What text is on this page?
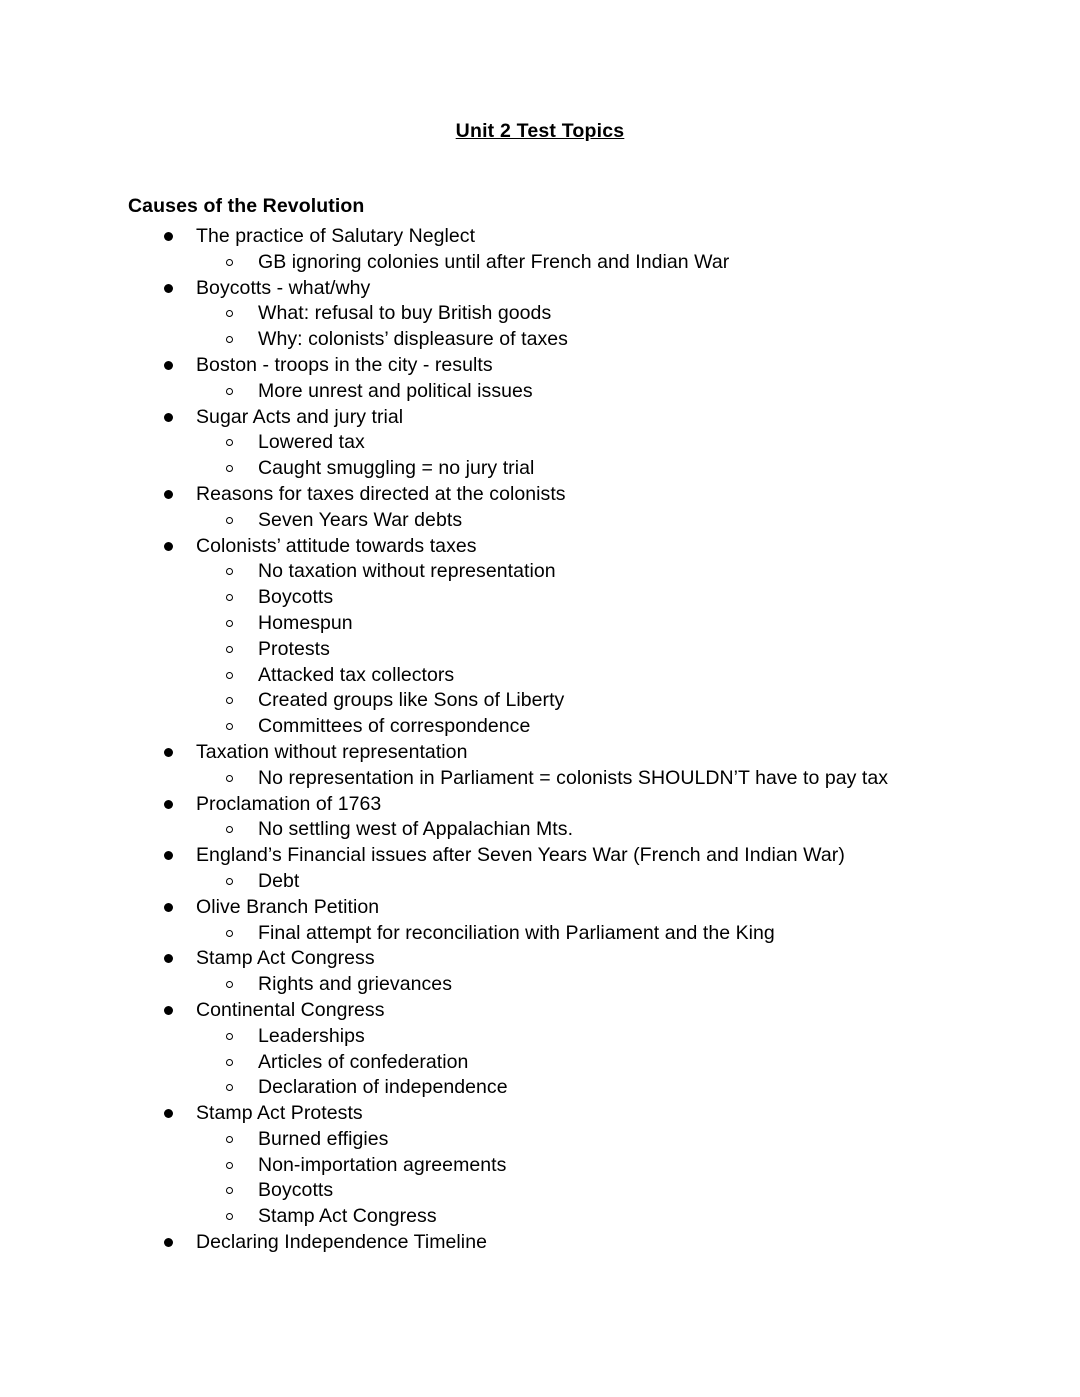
Unit 2 Test Topics
Causes of the Revolution
The practice of Salutary Neglect
GB ignoring colonies until after French and Indian War
Boycotts - what/why
What: refusal to buy British goods
Why: colonists’ displeasure of taxes
Boston - troops in the city - results
More unrest and political issues
Sugar Acts and jury trial
Lowered tax
Caught smuggling = no jury trial
Reasons for taxes directed at the colonists
Seven Years War debts
Colonists’ attitude towards taxes
No taxation without representation
Boycotts
Homespun
Protests
Attacked tax collectors
Created groups like Sons of Liberty
Committees of correspondence
Taxation without representation
No representation in Parliament = colonists SHOULDN’T have to pay tax
Proclamation of 1763
No settling west of Appalachian Mts.
England’s Financial issues after Seven Years War (French and Indian War)
Debt
Olive Branch Petition
Final attempt for reconciliation with Parliament and the King
Stamp Act Congress
Rights and grievances
Continental Congress
Leaderships
Articles of confederation
Declaration of independence
Stamp Act Protests
Burned effigies
Non-importation agreements
Boycotts
Stamp Act Congress
Declaring Independence Timeline
